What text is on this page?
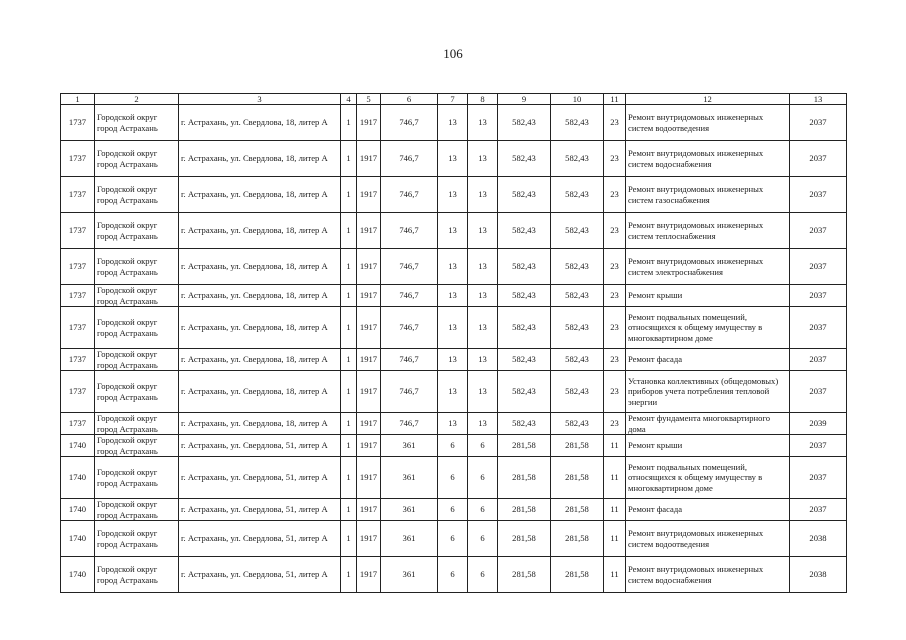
106
1	2	3	4	5	6	7	8	9	10	11	12	13
1737	Городской округ город Астрахань	г. Астрахань, ул. Свердлова, 18, литер А	1	1917	746,7	13	13	582,43	582,43	23	Ремонт внутридомовых инженерных систем водоотведения	2037
1737	Городской округ город Астрахань	г. Астрахань, ул. Свердлова, 18, литер А	1	1917	746,7	13	13	582,43	582,43	23	Ремонт внутридомовых инженерных систем водоснабжения	2037
1737	Городской округ город Астрахань	г. Астрахань, ул. Свердлова, 18, литер А	1	1917	746,7	13	13	582,43	582,43	23	Ремонт внутридомовых инженерных систем газоснабжения	2037
1737	Городской округ город Астрахань	г. Астрахань, ул. Свердлова, 18, литер А	1	1917	746,7	13	13	582,43	582,43	23	Ремонт внутридомовых инженерных систем теплоснабжения	2037
1737	Городской округ город Астрахань	г. Астрахань, ул. Свердлова, 18, литер А	1	1917	746,7	13	13	582,43	582,43	23	Ремонт внутридомовых инженерных систем электроснабжения	2037
1737	Городской округ город Астрахань	г. Астрахань, ул. Свердлова, 18, литер А	1	1917	746,7	13	13	582,43	582,43	23	Ремонт крыши	2037
1737	Городской округ город Астрахань	г. Астрахань, ул. Свердлова, 18, литер А	1	1917	746,7	13	13	582,43	582,43	23	Ремонт подвальных помещений, относящихся к общему имуществу в многоквартирном доме	2037
1737	Городской округ город Астрахань	г. Астрахань, ул. Свердлова, 18, литер А	1	1917	746,7	13	13	582,43	582,43	23	Ремонт фасада	2037
1737	Городской округ город Астрахань	г. Астрахань, ул. Свердлова, 18, литер А	1	1917	746,7	13	13	582,43	582,43	23	Установка коллективных (общедомовых) приборов учета потребления тепловой энергии	2037
1737	Городской округ город Астрахань	г. Астрахань, ул. Свердлова, 18, литер А	1	1917	746,7	13	13	582,43	582,43	23	Ремонт фундамента многоквартирного дома	2039
1740	Городской округ город Астрахань	г. Астрахань, ул. Свердлова, 51, литер А	1	1917	361	6	6	281,58	281,58	11	Ремонт крыши	2037
1740	Городской округ город Астрахань	г. Астрахань, ул. Свердлова, 51, литер А	1	1917	361	6	6	281,58	281,58	11	Ремонт подвальных помещений, относящихся к общему имуществу в многоквартирном доме	2037
1740	Городской округ город Астрахань	г. Астрахань, ул. Свердлова, 51, литер А	1	1917	361	6	6	281,58	281,58	11	Ремонт фасада	2037
1740	Городской округ город Астрахань	г. Астрахань, ул. Свердлова, 51, литер А	1	1917	361	6	6	281,58	281,58	11	Ремонт внутридомовых инженерных систем водоотведения	2038
1740	Городской округ город Астрахань	г. Астрахань, ул. Свердлова, 51, литер А	1	1917	361	6	6	281,58	281,58	11	Ремонт внутридомовых инженерных систем водоснабжения	2038
